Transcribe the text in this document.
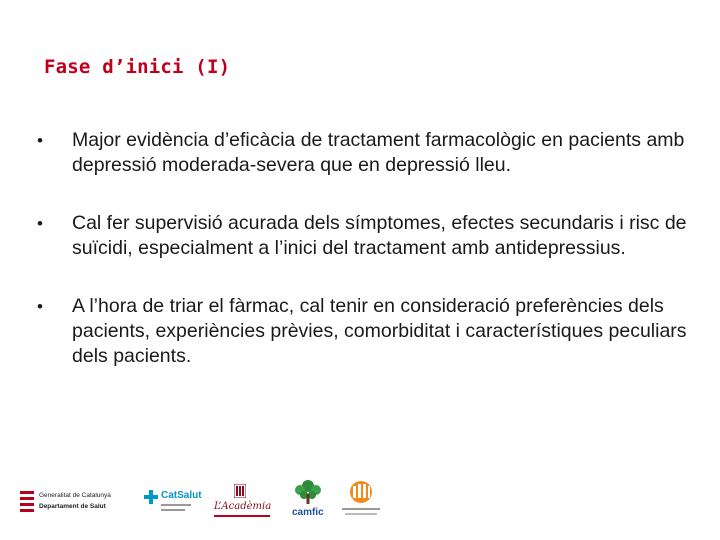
Fase d’inici (I)
•	Major evidència d’eficàcia de tractament farmacològic en pacients amb depressió moderada-severa que en depressió lleu.
•	Cal fer supervisió acurada dels símptomes, efectes secundaris i risc de suïcidi, especialment a l’inici del tractament amb antidepressius.
•	A l’hora de triar el fàrmac, cal tenir en consideració preferències dels pacients, experiències prèvies, comorbiditat i característiques peculiars dels pacients.
Generalitat de Catalunya
Departament de Salut
CatSalut
L’Acadèmia
camfic
